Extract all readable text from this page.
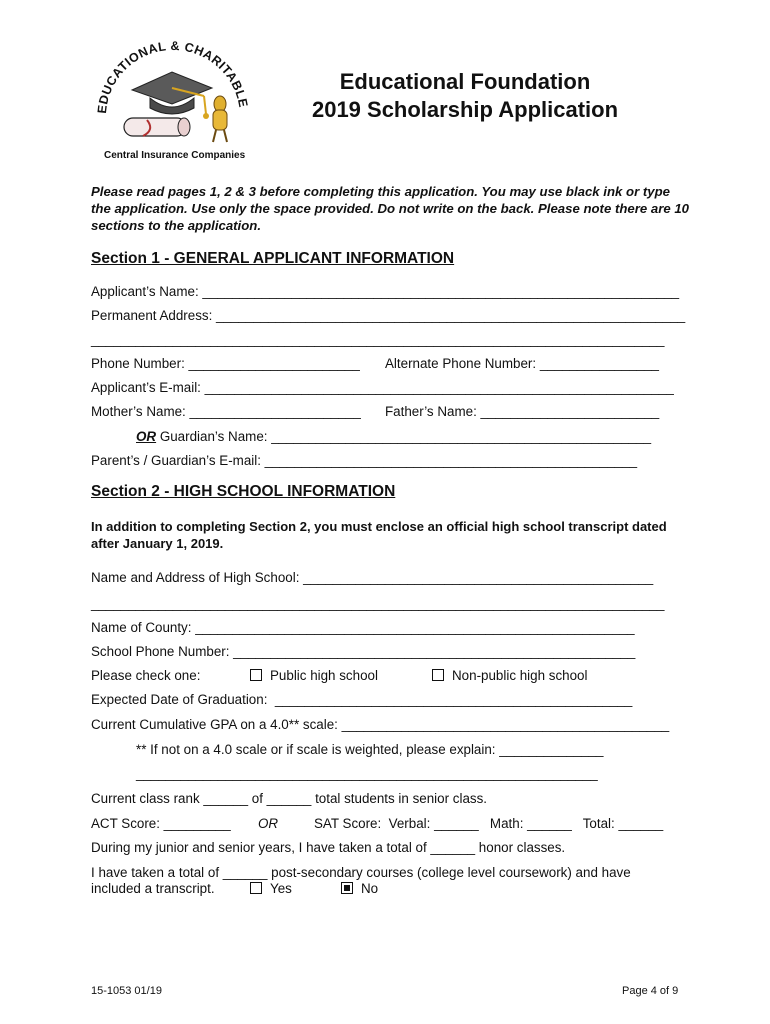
EDUCATIONAL & CHARITABLE
Central Insurance Companies
Educational Foundation
2019 Scholarship Application
Please read pages 1, 2 & 3 before completing this application. You may use black ink or type the application. Use only the space provided. Do not write on the back. Please note there are 10 sections to the application.
Section 1 - GENERAL APPLICANT INFORMATION
Applicant’s Name: ________________________________________________________________
Permanent Address: _______________________________________________________________
_____________________________________________________________________________
Phone Number: _______________________ Alternate Phone Number: ________________
Applicant’s E-mail: _______________________________________________________________
Mother’s Name: _______________________ Father’s Name: ________________________
OR Guardian’s Name: ___________________________________________________
Parent’s / Guardian’s E-mail: __________________________________________________
Section 2 - HIGH SCHOOL INFORMATION
In addition to completing Section 2, you must enclose an official high school transcript dated after January 1, 2019.
Name and Address of High School: _______________________________________________
_____________________________________________________________________________
Name of County: ___________________________________________________________
School Phone Number: ______________________________________________________
Please check one:	Public high school	Non-public high school
Expected Date of Graduation:  ________________________________________________
Current Cumulative GPA on a 4.0** scale: ____________________________________________
** If not on a 4.0 scale or if scale is weighted, please explain: ______________
______________________________________________________________
Current class rank ______ of ______ total students in senior class.
ACT Score: _________ OR	SAT Score:  Verbal: ______   Math: ______   Total: ______
During my junior and senior years, I have taken a total of ______ honor classes.
I have taken a total of ______ post-secondary courses (college level coursework) and have
included a transcript.	Yes	No
15-1053 01/19	Page 4 of 9
